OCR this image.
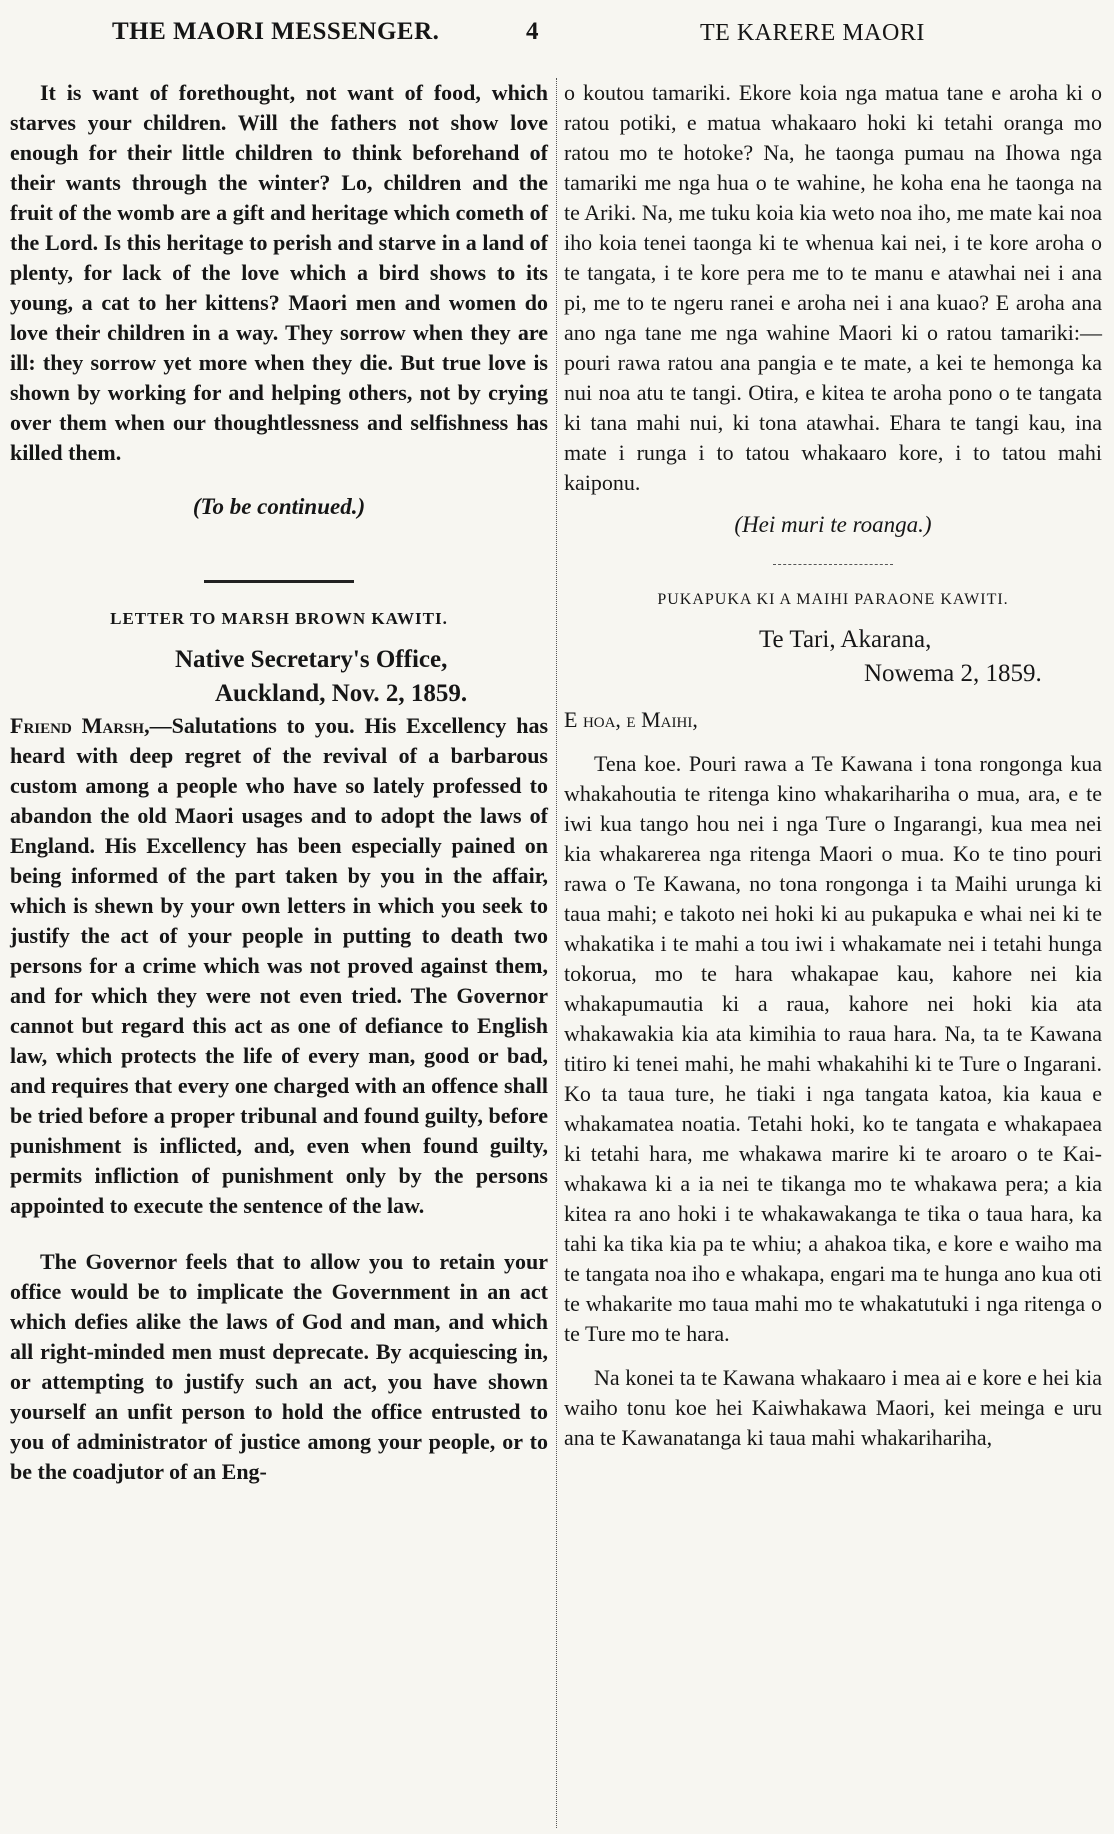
THE MAORI MESSENGER.	4	TE KARERE MAORI

It is want of forethought, not want of food, which starves your children. Will the fathers not show love enough for their little children to think beforehand of their wants through the winter? Lo, children and the fruit of the womb are a gift and heritage which cometh of the Lord. Is this heritage to perish and starve in a land of plenty, for lack of the love which a bird shows to its young, a cat to her kittens? Maori men and women do love their children in a way. They sorrow when they are ill: they sorrow yet more when they die. But true love is shown by working for and helping others, not by crying over them when our thoughtlessness and selfishness has killed them.

(To be continued.)

LETTER TO MARSH BROWN KAWITI.

Native Secretary's Office,
Auckland, Nov. 2, 1859.

Friend Marsh,—Salutations to you. His Excellency has heard with deep regret of the revival of a barbarous custom among a people who have so lately professed to abandon the old Maori usages and to adopt the laws of England. His Excellency has been especially pained on being informed of the part taken by you in the affair, which is shewn by your own letters in which you seek to justify the act of your people in putting to death two persons for a crime which was not proved against them, and for which they were not even tried. The Governor cannot but regard this act as one of defiance to English law, which protects the life of every man, good or bad, and requires that every one charged with an offence shall be tried before a proper tribunal and found guilty, before punishment is inflicted, and, even when found guilty, permits infliction of punishment only by the persons appointed to execute the sentence of the law.

The Governor feels that to allow you to retain your office would be to implicate the Government in an act which defies alike the laws of God and man, and which all right-minded men must deprecate. By acquiescing in, or attempting to justify such an act, you have shown yourself an unfit person to hold the office entrusted to you of administrator of justice among your people, or to be the coadjutor of an Eng-

o koutou tamariki. Ekore koia nga matua tane e aroha ki o ratou potiki, e matua whakaaro hoki ki tetahi oranga mo ratou mo te hotoke? Na, he taonga pumau na Ihowa nga tamariki me nga hua o te wahine, he koha ena he taonga na te Ariki. Na, me tuku koia kia weto noa iho, me mate kai noa iho koia tenei taonga ki te whenua kai nei, i te kore aroha o te tangata, i te kore pera me to te manu e atawhai nei i ana pi, me to te ngeru ranei e aroha nei i ana kuao? E aroha ana ano nga tane me nga wahine Maori ki o ratou tamariki:—pouri rawa ratou ana pangia e te mate, a kei te hemonga ka nui noa atu te tangi. Otira, e kitea te aroha pono o te tangata ki tana mahi nui, ki tona atawhai. Ehara te tangi kau, ina mate i runga i to tatou whakaaro kore, i to tatou mahi kaiponu.

(Hei muri te roanga.)

PUKAPUKA KI A MAIHI PARAONE KAWITI.

Te Tari, Akarana,
Nowema 2, 1859.

E hoa, e Maihi,

Tena koe. Pouri rawa a Te Kawana i tona rongonga kua whakahoutia te ritenga kino whakarihariha o mua, ara, e te iwi kua tango hou nei i nga Ture o Ingarangi, kua mea nei kia whakarerea nga ritenga Maori o mua. Ko te tino pouri rawa o Te Kawana, no tona rongonga i ta Maihi urunga ki taua mahi; e takoto nei hoki ki au pukapuka e whai nei ki te whakatika i te mahi a tou iwi i whakamate nei i tetahi hunga tokorua, mo te hara whakapae kau, kahore nei kia whakapumautia ki a raua, kahore nei hoki kia ata whakawakia kia ata kimihia to raua hara. Na, ta te Kawana titiro ki tenei mahi, he mahi whakahihi ki te Ture o Ingarani. Ko ta taua ture, he tiaki i nga tangata katoa, kia kaua e whakamatea noatia. Tetahi hoki, ko te tangata e whakapaea ki tetahi hara, me whakawa marire ki te aroaro o te Kai-whakawa ki a ia nei te tikanga mo te whakawa pera; a kia kitea ra ano hoki i te whakawakanga te tika o taua hara, ka tahi ka tika kia pa te whiu; a ahakoa tika, e kore e waiho ma te tangata noa iho e whakapa, engari ma te hunga ano kua oti te whakarite mo taua mahi mo te whakatutuki i nga ritenga o te Ture mo te hara.

Na konei ta te Kawana whakaaro i mea ai e kore e hei kia waiho tonu koe hei Kaiwhakawa Maori, kei meinga e uru ana te Kawanatanga ki taua mahi whakarihariha,
